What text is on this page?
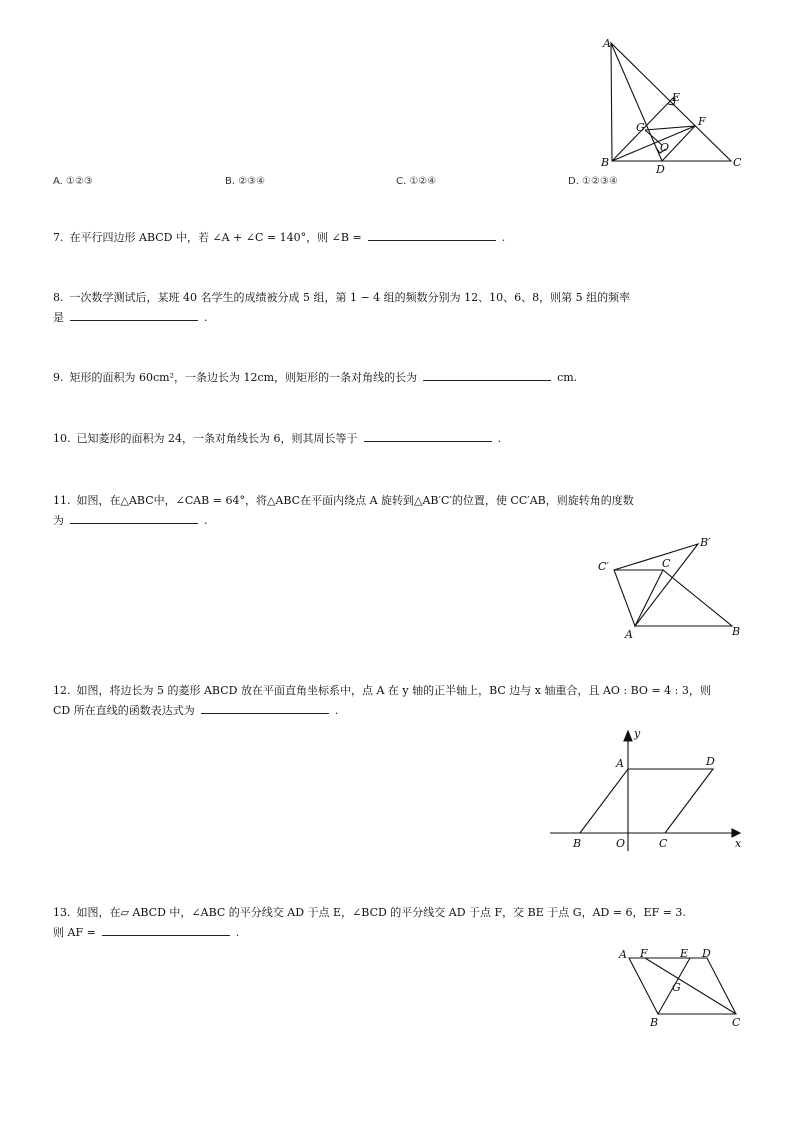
A
E
F
G
O
B
D
C
A. ①②③	B. ②③④	C. ①②④	D. ①②③④
7. 在平行四边形 ABCD 中，若 ∠A + ∠C = 140°，则 ∠B =	.
8. 一次数学测试后，某班 40 名学生的成绩被分成 5 组，第 1 − 4 组的频数分别为 12、10、6、8，则第 5 组的频率
是	.
9. 矩形的面积为 60cm²，一条边长为 12cm，则矩形的一条对角线的长为	cm.
10. 已知菱形的面积为 24，一条对角线长为 6，则其周长等于	.
11. 如图，在△ABC中，∠CAB = 64°，将△ABC在平面内绕点 A 旋转到△AB′C′的位置，使 CC′AB，则旋转角的度数
为	.
B′
C′	C
A	B
12. 如图，将边长为 5 的菱形 ABCD 放在平面直角坐标系中，点 A 在 y 轴的正半轴上，BC 边与 x 轴重合，且 AO : BO = 4 : 3，则
CD 所在直线的函数表达式为	.
y
x
A	D
B	O	C
13. 如图，在▱ ABCD 中，∠ABC 的平分线交 AD 于点 E，∠BCD 的平分线交 AD 于点 F，交 BE 于点 G，AD = 6，EF = 3.
则 AF =	.
A F	E D
G
B	C
